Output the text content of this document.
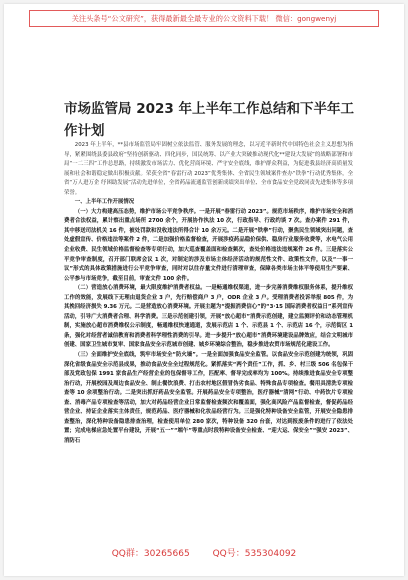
关注头条号“公文研究”，获得最新最全最专业的公文资料下载！ 微信：gongwenyj
市场监管局 2023 年上半年工作总结和下半年工作计划

2023 年上半年，**县市场监管局牢固树立依法监管、服务发展的理念，以习近平新时代中国特色社会主义思想为指导，紧紧围绕县委县政府“坚持创新驱动、四化同步，国民统筹、以产业大突破推动现代化**建设大发展”的战略部署和市局“一二三四”工作总思路，持续激发市场活力、优化营商环境、严守安全底线，维护群众利益，为促进我县经济高质量发展和社会和谐稳定做出积极贡献。荣获全省“春雷行动 2023”优秀集体、全省民生领域案件查办“铁拳”行动优秀集体，全省“万人进万企 纾困助发展”活动先进单位，全省药品流通监管创新成绩突出单位、全市食品安全党政同责先进集体等多项荣誉。

一、上半年工作开展情况

（一）大力构建高压态势，维护市场公平竞争秩序。一是开展“春雷行动 2023”。规范市场秩序，维护市场安全和消费者合法权益，累计察出重点场所 2700 余个，开展协作执法 10 次，行政指导、行政约谈 7 次。查办案件 291 件，其中移送司法机关 16 件，被处罚款和没收违法所得合计 10 余万元。二是开展“铁拳”行动，聚焦民生领域突出问题，查处虚假宣传、价格违法等案件 2 件，二是加强价格监督检查，开展涉疫药品稳价保供、稳房行业服务收费等，水电气公用企业收费、民生领域价格监督检查等专项行动，加大巡查覆盖面和检查频次，查处价格违法违规案件 26 件。三是落实公平竞争审查制度，召开部门联席会议 1 次，对制定的涉及市场主体经济活动的规范性文件、政策性文件，以及“一事一议”形式的具体政策措施进行公平竞争审查，同时对以往存量文件进行清理审查，保障各类市场主体平等使用生产要素、公平参与市场竞争，截至目前，审查文件 100 余件。

（二）营造放心消费环境，最大限度维护消费者权益。一是畅通维权渠道，进一步完善消费维权服务体系，提升维权工作的效能，发展线下无理由退货企业 3 户，先行赔偿商户 3 户，ODR 企业 3 户。受理消费者投诉举报 805 件，为其挽回经济损失 9.36 万元。二是营造放心消费环境。开展主题为“提振消费信心”的“3·15 国际消费者权益日”系列宣传活动，引导广大消费者合理、科学消费。三是示范创建引领，开展“放心超市”消费示范创建，建立监测评价和动态管理机制，实施放心超市消费维权公示制度，畅通维权快速通道，发展示范店 1 个、示范县 1 个、示范店 16 个，示范街区 1 条，强化对经营者诚信教育和消费者科学理性消费的引导。进一步提升“放心超市”消费环境建设品牌效应，结合文明城市创建、国家卫生城市复审、国家食品安全示范城市创建、城乡环境综合整治，稳步推进农贸市场规范化建设工作。

（三）全面维护安全底线，筑牢市场安全“防火墙”。一是全面加强食品安全监管。以食品安全示范创建为统领，巩固深化省级食品安全示范县成果，推动食品安全全过程规范化。紧抓落实“两个责任”工作，抓、乡、村三级 506 名包保干部及党政包保 1991 家食品生产经营企业的包保督导工作，匹配率、督导完成率均为 100%。持续推进食品安全专项整治行动，开展校园及周边食品安全、制止餐饮浪费、打击农村地区假冒伪劣食品、特殊食品专项检查。餐用具清洗专项检查等 10 余项整治行动。二是突出抓好药品安全监管。开展药品安全专项整治，医疗器械“清网”行动、中药饮片专项检查、消毒产品专项检查等活动，加大对药品经营企业日常监督检查频次和覆盖面，强化高风险产品监督检查，督促药品经营企业、持证企业落实主体责任，规范药品、医疗器械和化妆品经营行为。三是强化特种设备安全监管，开展安全隐患排查整治，深化特种设备隐患排查治理，检查使用单位 280 家次，特种设备 320 台套，对达到报废条件的进行了依法处置；完成电梯应急处置平台建设，开展“五一”“端午”等重点时段特种设备安全检查、“迎大运、保安全”“强安 2023”、消防石

QQ群：30265665	QQ号：535304092
